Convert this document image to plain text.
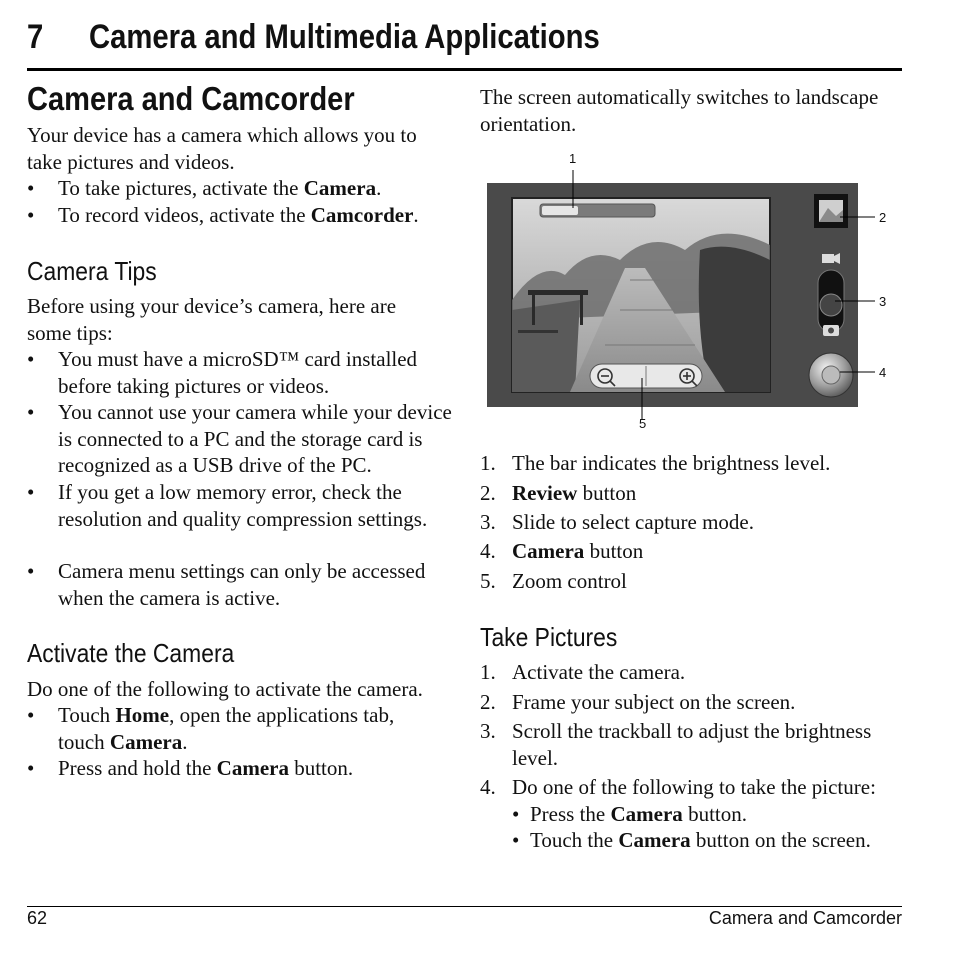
7 Camera and Multimedia Applications
Camera and Camcorder
Your device has a camera which allows you to take pictures and videos.
• To take pictures, activate the Camera.
• To record videos, activate the Camcorder.
Camera Tips
Before using your device’s camera, here are some tips:
• You must have a microSD™ card installed before taking pictures or videos.
• You cannot use your camera while your device is connected to a PC and the storage card is recognized as a USB drive of the PC.
• If you get a low memory error, check the resolution and quality compression settings.
• Camera menu settings can only be accessed when the camera is active.
Activate the Camera
Do one of the following to activate the camera.
• Touch Home, open the applications tab, touch Camera.
• Press and hold the Camera button.
The screen automatically switches to landscape orientation.
1
2
3
4
5
1. The bar indicates the brightness level.
2. Review button
3. Slide to select capture mode.
4. Camera button
5. Zoom control
Take Pictures
1. Activate the camera.
2. Frame your subject on the screen.
3. Scroll the trackball to adjust the brightness level.
4. Do one of the following to take the picture:
• Press the Camera button.
• Touch the Camera button on the screen.
62	Camera and Camcorder
